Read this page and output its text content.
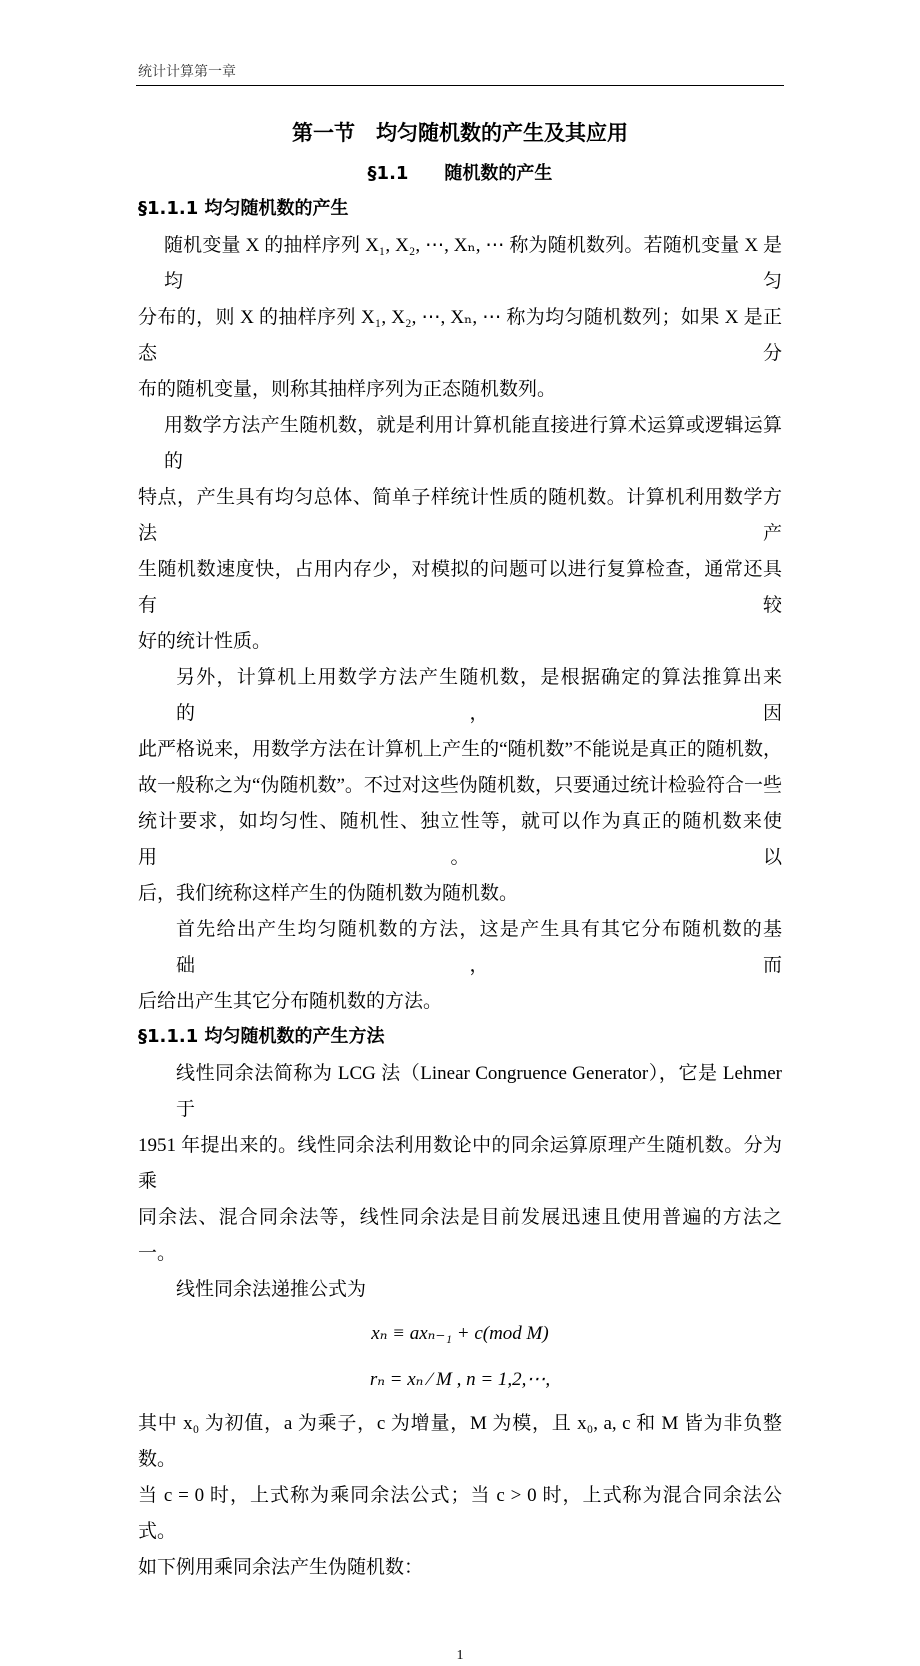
统计计算第一章
第一节　均匀随机数的产生及其应用
§1.1　　随机数的产生
§1.1.1 均匀随机数的产生
随机变量 X 的抽样序列 X₁, X₂, ⋯, Xₙ, ⋯ 称为随机数列。若随机变量 X 是均匀
分布的，则 X 的抽样序列 X₁, X₂, ⋯, Xₙ, ⋯ 称为均匀随机数列；如果 X 是正态分
布的随机变量，则称其抽样序列为正态随机数列。
用数学方法产生随机数，就是利用计算机能直接进行算术运算或逻辑运算的
特点，产生具有均匀总体、简单子样统计性质的随机数。计算机利用数学方法产
生随机数速度快，占用内存少，对模拟的问题可以进行复算检查，通常还具有较
好的统计性质。
另外，计算机上用数学方法产生随机数，是根据确定的算法推算出来的，因
此严格说来，用数学方法在计算机上产生的“随机数”不能说是真正的随机数，
故一般称之为“伪随机数”。不过对这些伪随机数，只要通过统计检验符合一些
统计要求，如均匀性、随机性、独立性等，就可以作为真正的随机数来使用。以
后，我们统称这样产生的伪随机数为随机数。
首先给出产生均匀随机数的方法，这是产生具有其它分布随机数的基础，而
后给出产生其它分布随机数的方法。
§1.1.1 均匀随机数的产生方法
线性同余法简称为 LCG 法（Linear Congruence Generator），它是 Lehmer 于
1951 年提出来的。线性同余法利用数论中的同余运算原理产生随机数。分为乘
同余法、混合同余法等，线性同余法是目前发展迅速且使用普遍的方法之一。
线性同余法递推公式为
xₙ ≡ axₙ₋₁ + c(mod M)
rₙ = xₙ ⁄ M , n = 1,2,⋯,
其中 x₀ 为初值，a 为乘子，c 为增量，M 为模，且 x₀, a, c 和 M 皆为非负整数。
当 c = 0 时，上式称为乘同余法公式；当 c > 0 时，上式称为混合同余法公式。
如下例用乘同余法产生伪随机数：
1
